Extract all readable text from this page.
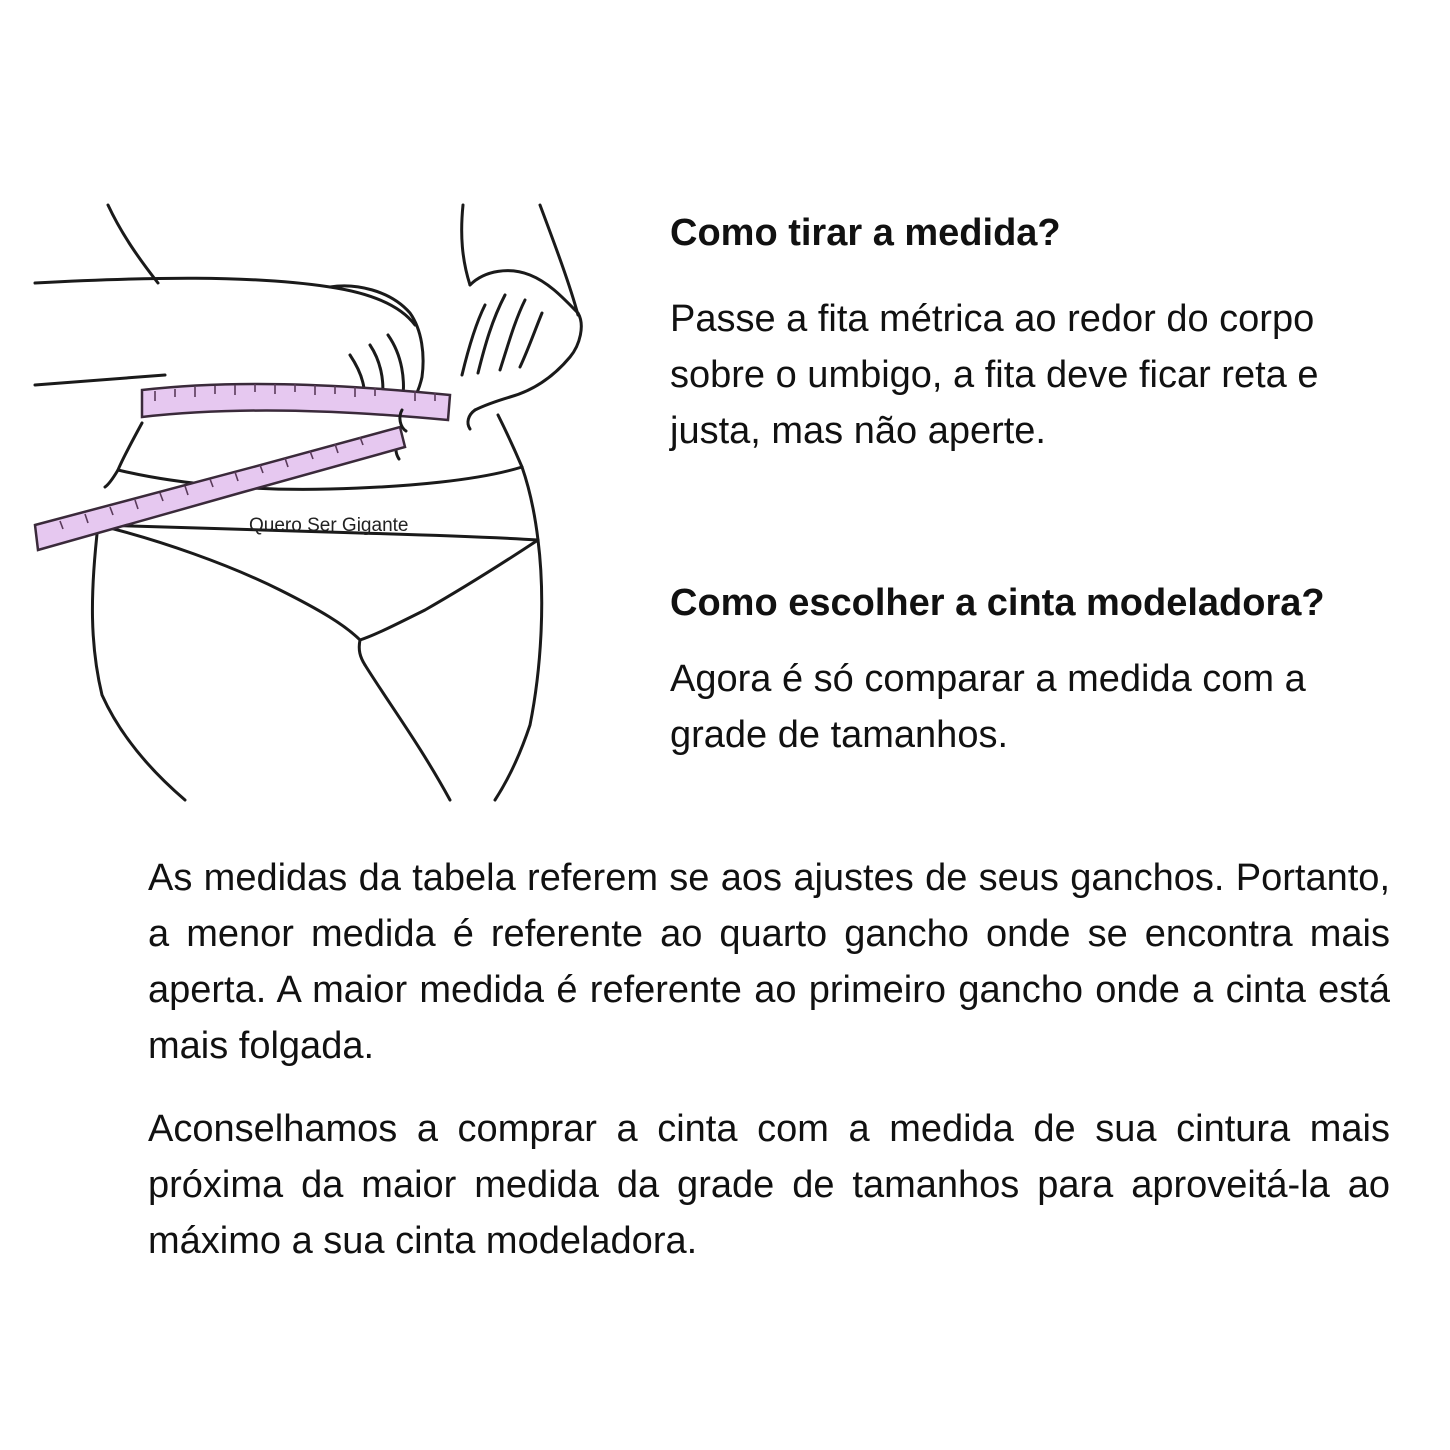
Quero Ser Gigante
Como tirar a medida?

Passe a fita métrica ao redor do corpo sobre o umbigo, a fita deve ficar reta e justa, mas não aperte.

Como escolher a cinta modeladora?

Agora é só comparar a medida com a grade de tamanhos.

As medidas da tabela referem se aos ajustes de seus ganchos. Portanto, a menor medida é referente ao quarto gancho onde se encontra mais aperta. A maior medida é referente ao primeiro gancho onde a cinta está mais folgada.

Aconselhamos a comprar a cinta com a medida de sua cintura mais próxima da maior medida da grade de tamanhos para aproveitá-la ao máximo a sua cinta modeladora.
